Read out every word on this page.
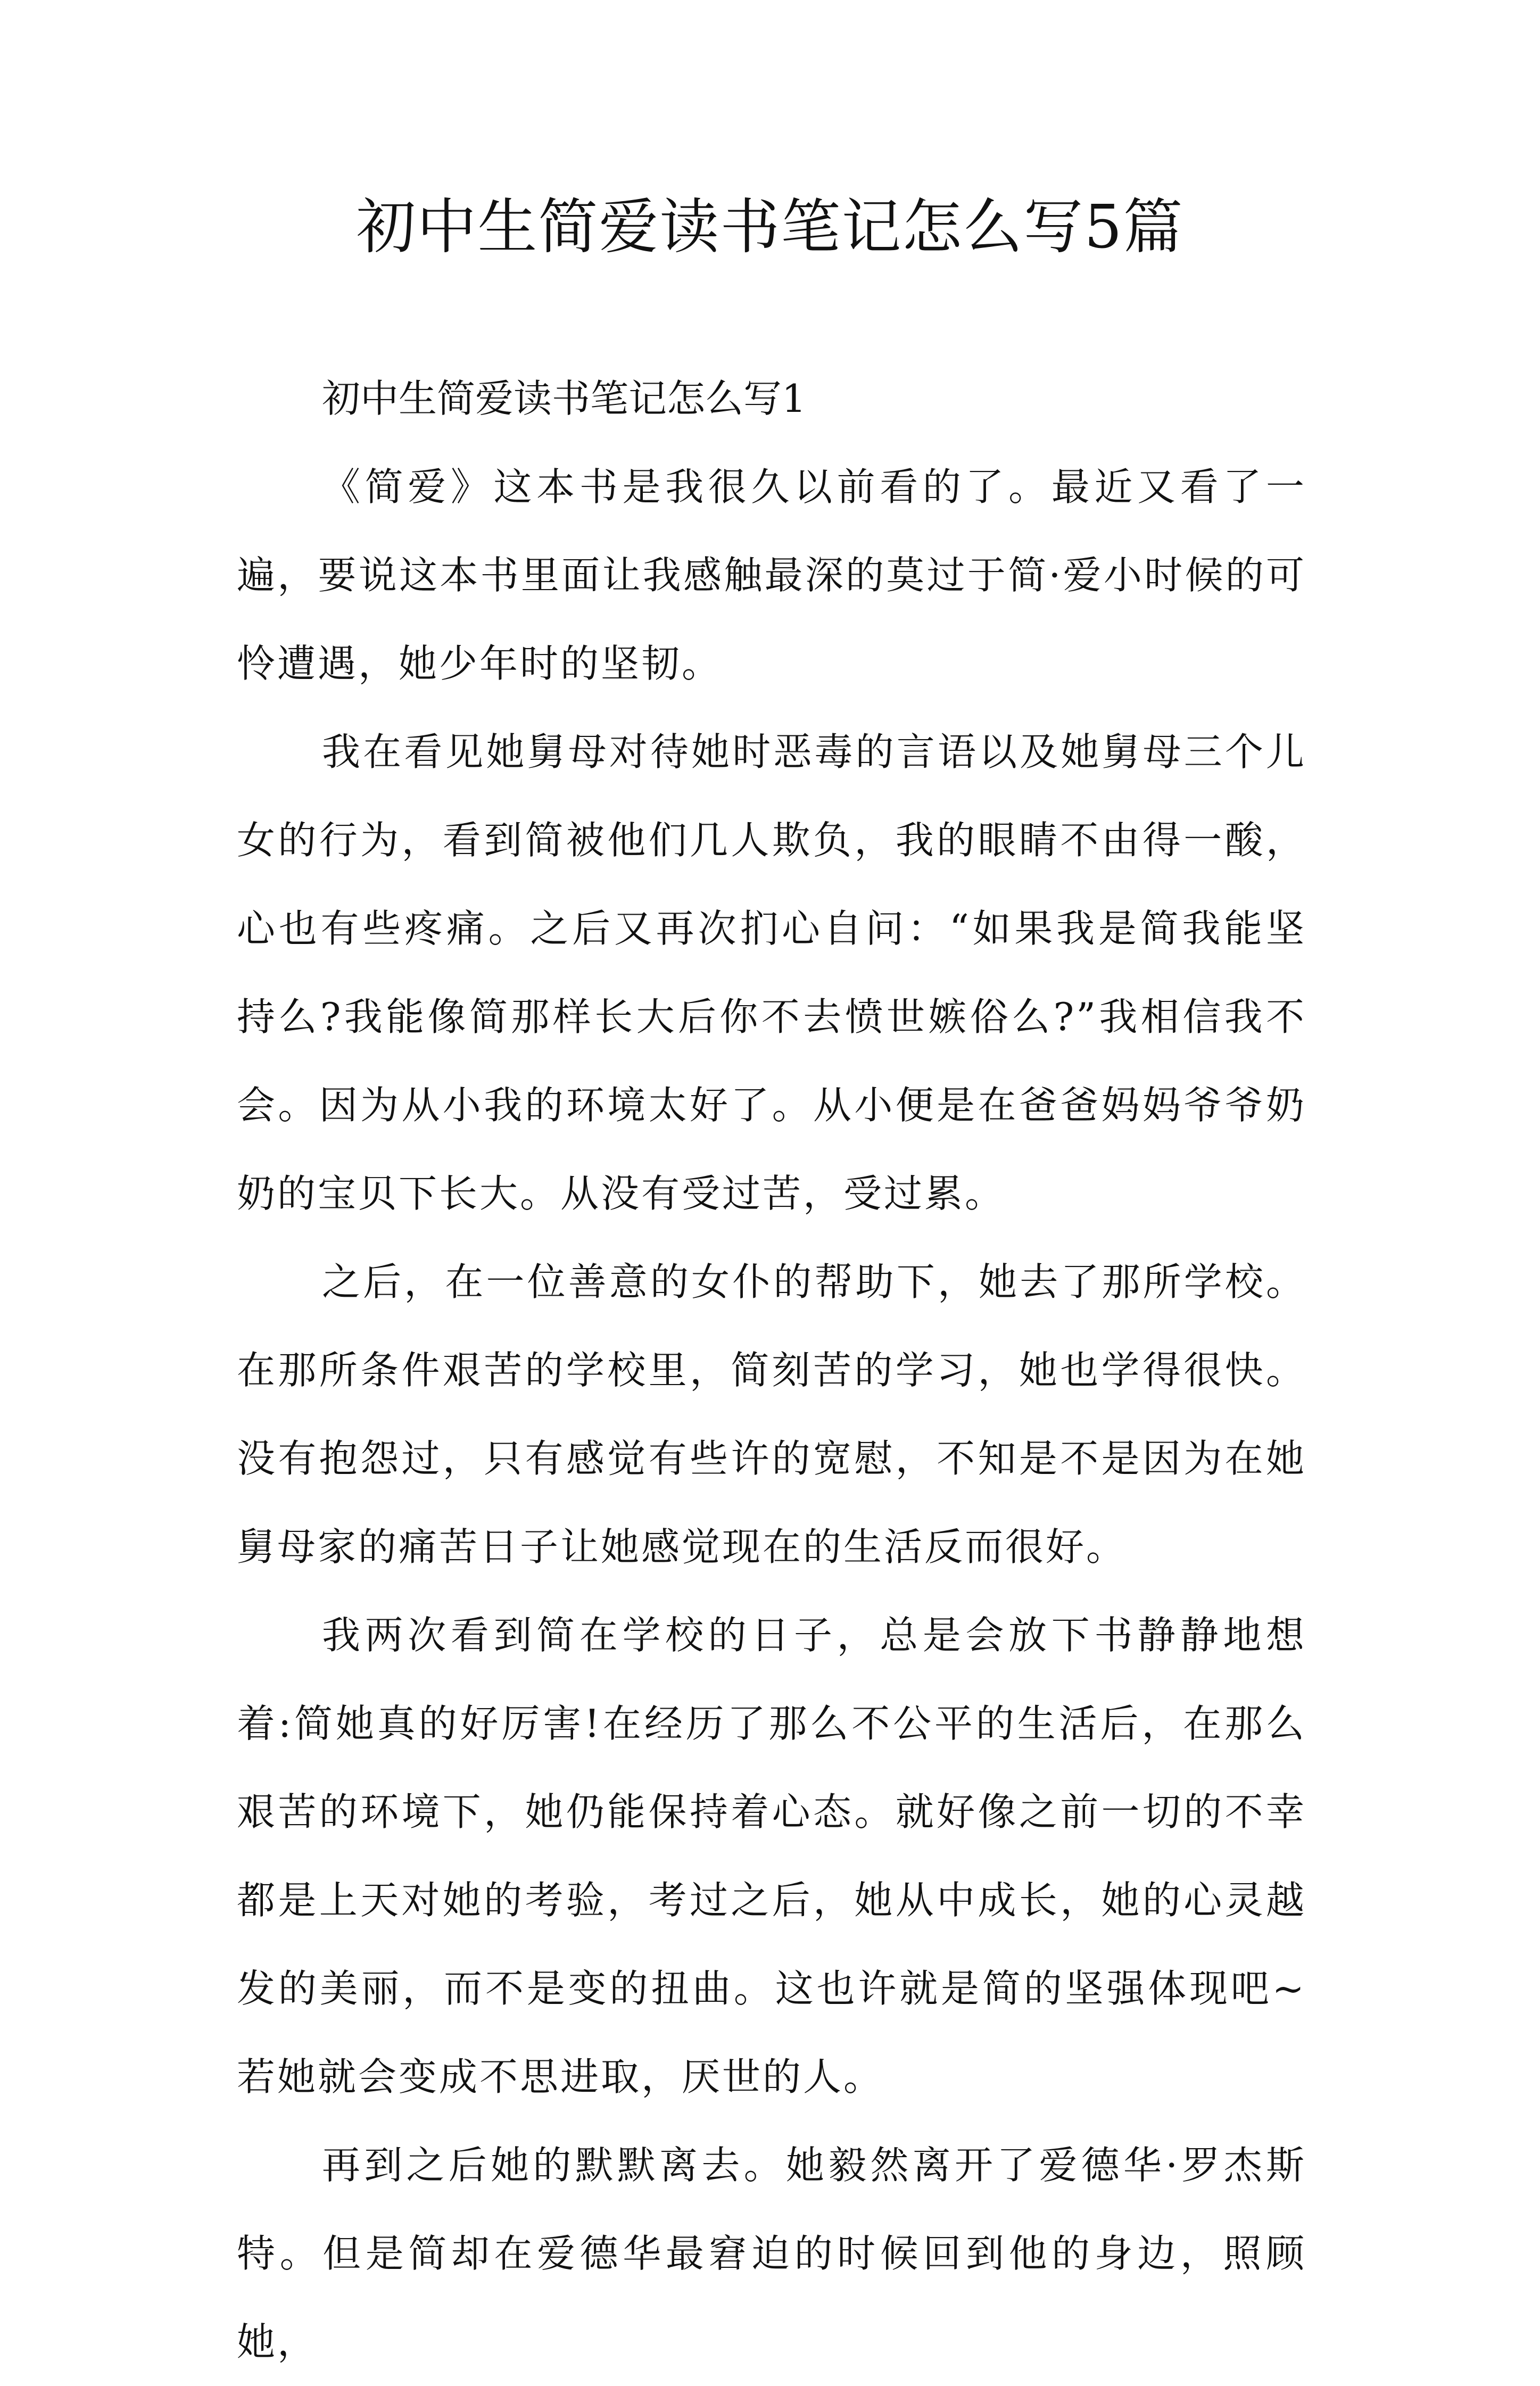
初中生简爱读书笔记怎么写5篇
初中生简爱读书笔记怎么写1

《简爱》这本书是我很久以前看的了。最近又看了一遍，要说这本书里面让我感触最深的莫过于简·爱小时候的可怜遭遇，她少年时的坚韧。

我在看见她舅母对待她时恶毒的言语以及她舅母三个儿女的行为，看到简被他们几人欺负，我的眼睛不由得一酸，心也有些疼痛。之后又再次扪心自问：“如果我是简我能坚持么?我能像简那样长大后你不去愤世嫉俗么?”我相信我不会。因为从小我的环境太好了。从小便是在爸爸妈妈爷爷奶奶的宝贝下长大。从没有受过苦，受过累。

之后，在一位善意的女仆的帮助下，她去了那所学校。在那所条件艰苦的学校里，简刻苦的学习，她也学得很快。没有抱怨过，只有感觉有些许的宽慰，不知是不是因为在她舅母家的痛苦日子让她感觉现在的生活反而很好。

我两次看到简在学校的日子，总是会放下书静静地想着:简她真的好厉害!在经历了那么不公平的生活后，在那么艰苦的环境下，她仍能保持着心态。就好像之前一切的不幸都是上天对她的考验，考过之后，她从中成长，她的心灵越发的美丽，而不是变的扭曲。这也许就是简的坚强体现吧~若她就会变成不思进取，厌世的人。

再到之后她的默默离去。她毅然离开了爱德华·罗杰斯特。但是简却在爱德华最窘迫的时候回到他的身边，照顾她，
